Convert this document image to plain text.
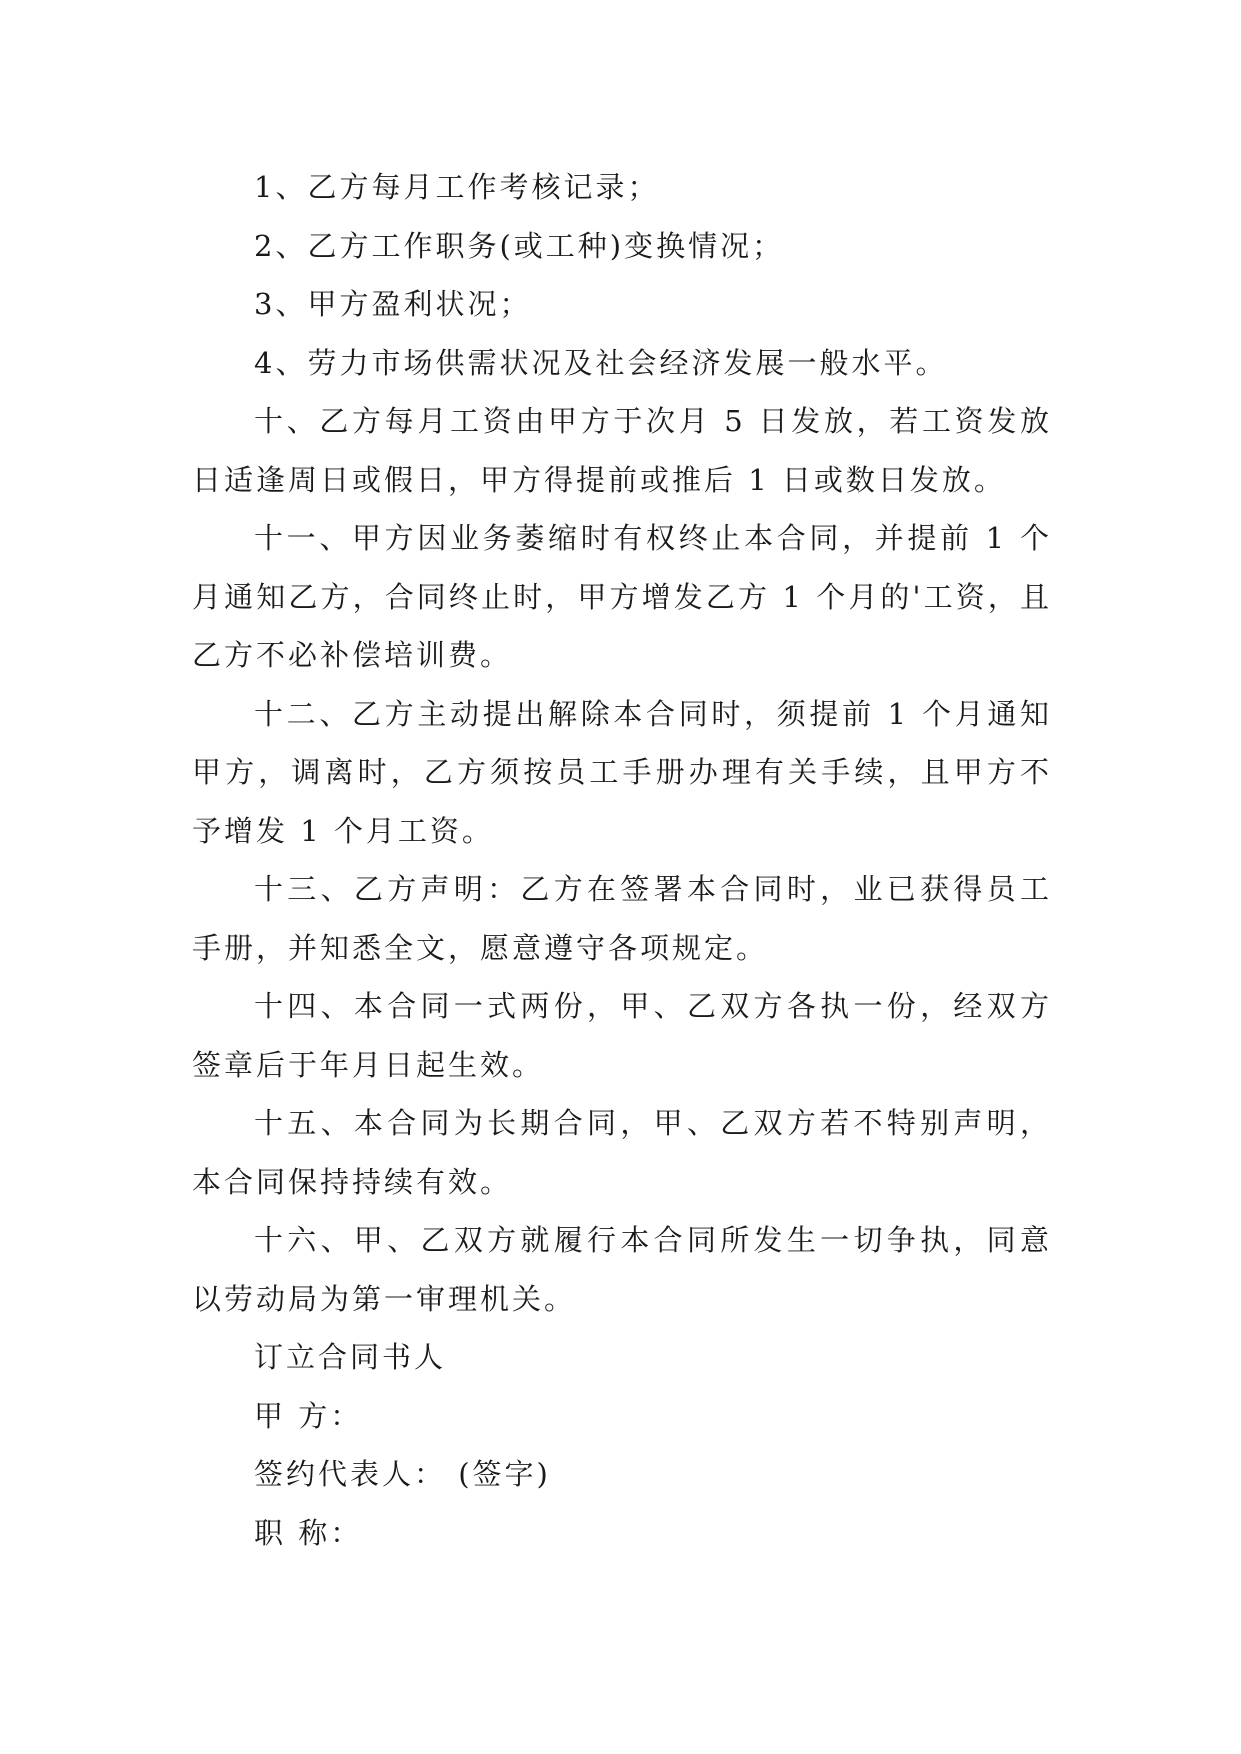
1、乙方每月工作考核记录；

2、乙方工作职务(或工种)变换情况；

3、甲方盈利状况；

4、劳力市场供需状况及社会经济发展一般水平。

十、乙方每月工资由甲方于次月 5 日发放，若工资发放日适逢周日或假日，甲方得提前或推后 1 日或数日发放。

十一、甲方因业务萎缩时有权终止本合同，并提前 1 个月通知乙方，合同终止时，甲方增发乙方 1 个月的'工资，且乙方不必补偿培训费。

十二、乙方主动提出解除本合同时，须提前 1 个月通知甲方，调离时，乙方须按员工手册办理有关手续，且甲方不予增发 1 个月工资。

十三、乙方声明：乙方在签署本合同时，业已获得员工手册，并知悉全文，愿意遵守各项规定。

十四、本合同一式两份，甲、乙双方各执一份，经双方签章后于年月日起生效。

十五、本合同为长期合同，甲、乙双方若不特别声明，本合同保持持续有效。

十六、甲、乙双方就履行本合同所发生一切争执，同意以劳动局为第一审理机关。

订立合同书人

甲 方：

签约代表人： (签字)

职 称：
